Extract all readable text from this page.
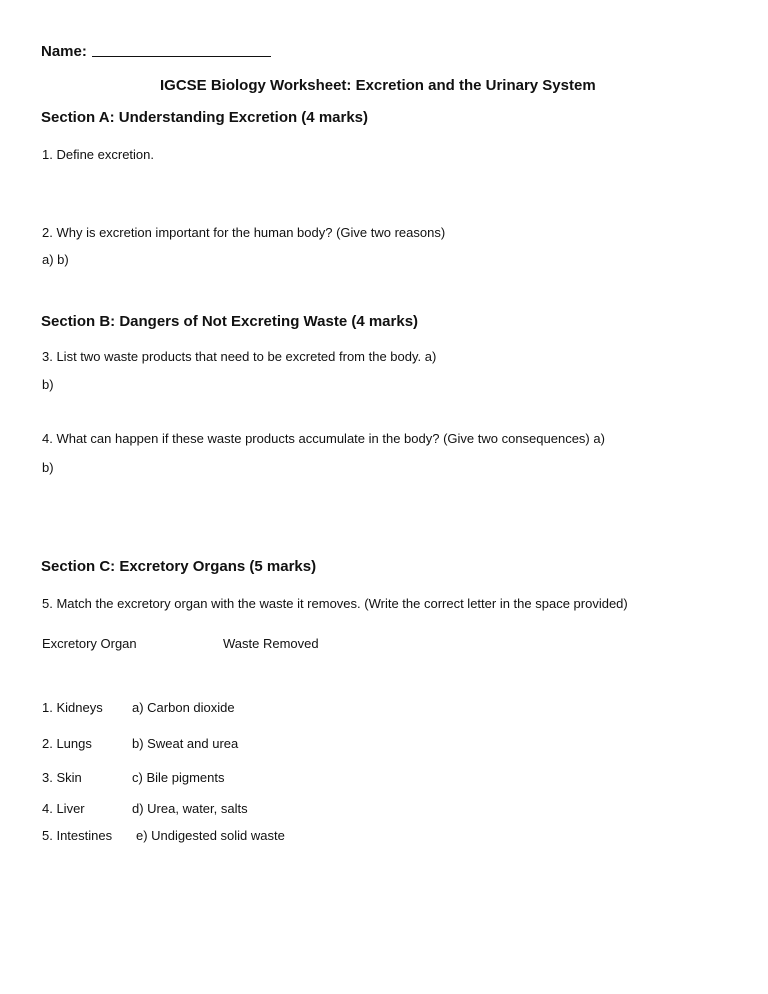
Name:
IGCSE Biology Worksheet: Excretion and the Urinary System
Section A: Understanding Excretion (4 marks)
1. Define excretion.
2. Why is excretion important for the human body? (Give two reasons)
a) b)
Section B: Dangers of Not Excreting Waste (4 marks)
3. List two waste products that need to be excreted from the body. a)
b)
4. What can happen if these waste products accumulate in the body? (Give two consequences) a)
b)
Section C: Excretory Organs (5 marks)
5. Match the excretory organ with the waste it removes. (Write the correct letter in the space provided)
Excretory Organ	Waste Removed
1. Kidneys a) Carbon dioxide
2. Lungs	b) Sweat and urea
3. Skin	c) Bile pigments
4. Liver	d) Urea, water, salts
5. Intestines e) Undigested solid waste
